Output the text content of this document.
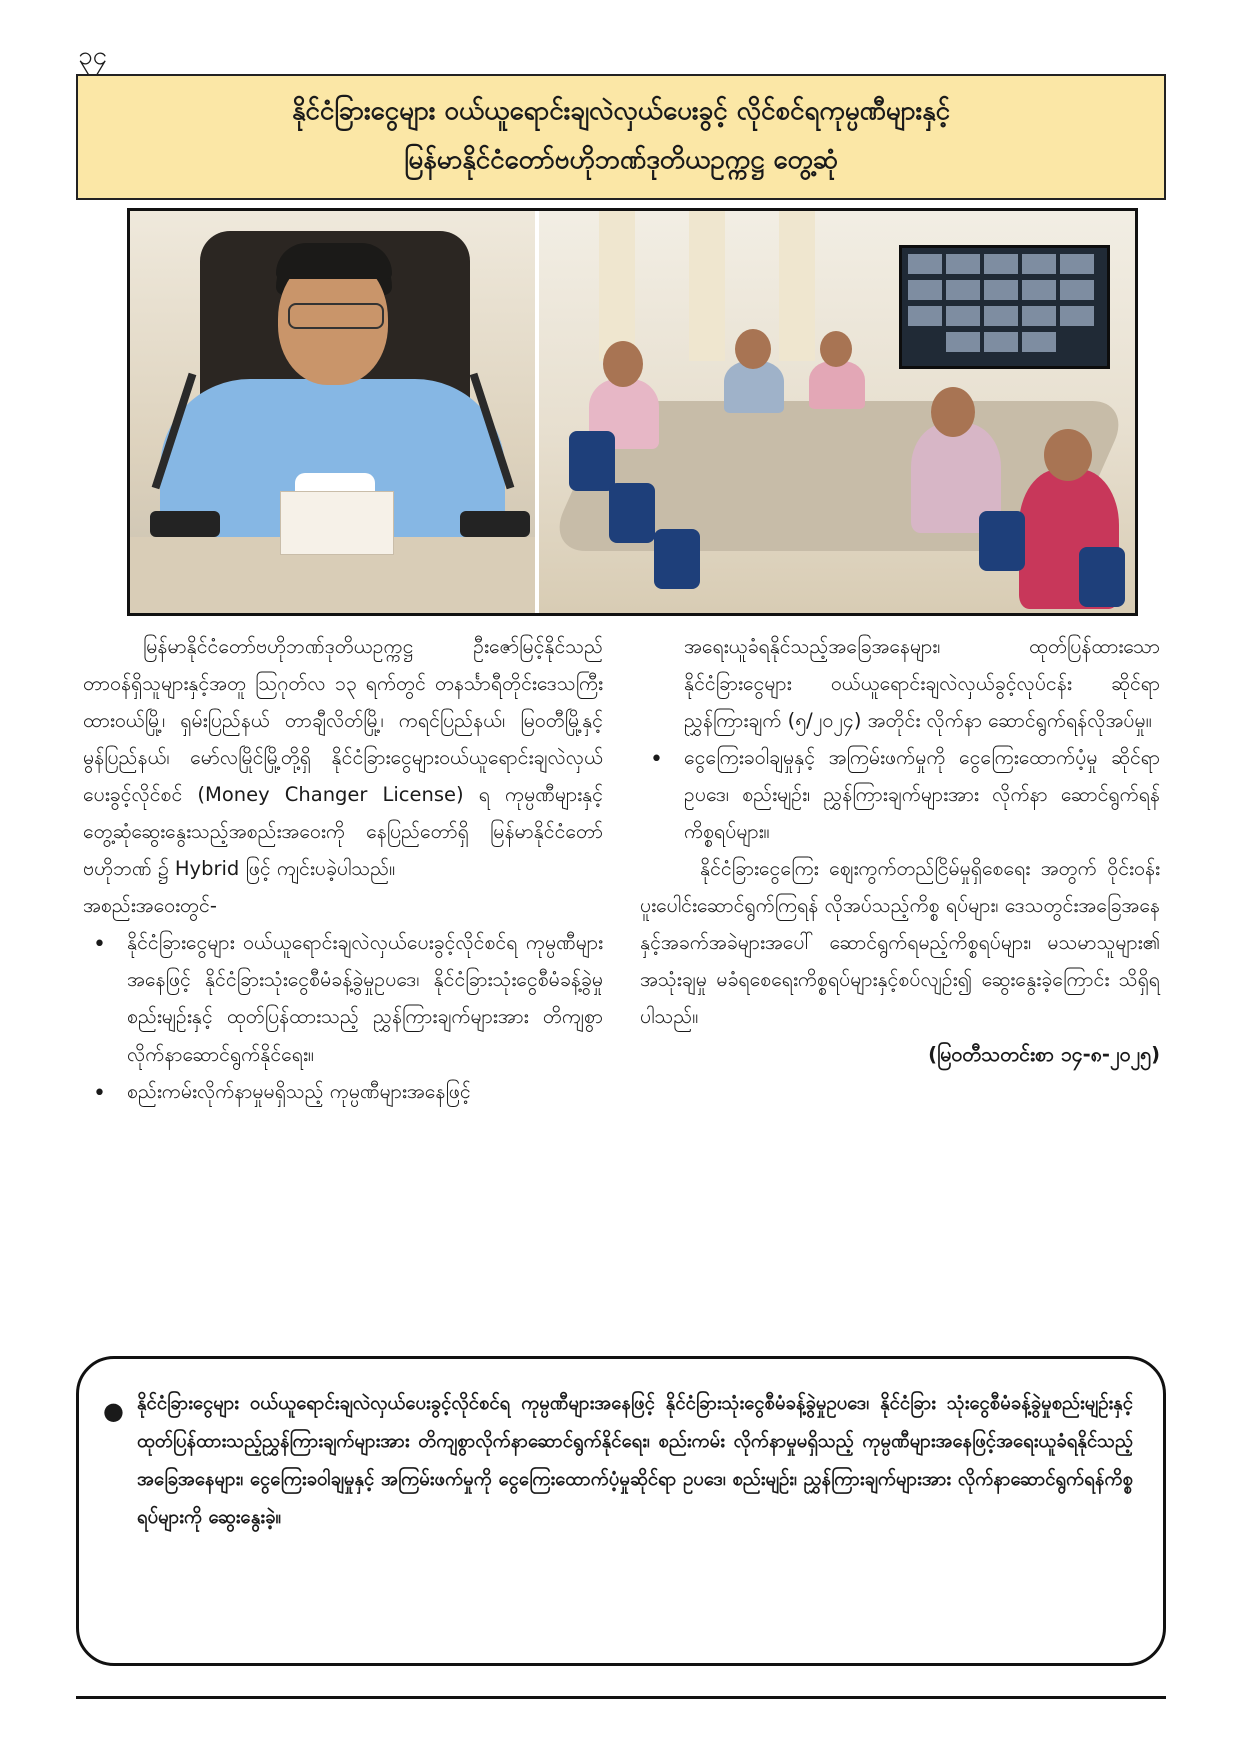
၃၄
နိုင်ငံခြားငွေများ ဝယ်ယူရောင်းချလဲလှယ်ပေးခွင့် လိုင်စင်ရကုမ္ပဏီများနှင့်
မြန်မာနိုင်ငံတော်ဗဟိုဘဏ်ဒုတိယဥက္ကဋ္ဌ တွေ့ဆုံ

မြန်မာနိုင်ငံတော်ဗဟိုဘဏ်ဒုတိယဥက္ကဋ္ဌ ဦးဇော်မြင့်နိုင်သည် တာဝန်ရှိသူများနှင့်အတူ ဩဂုတ်လ ၁၃ ရက်တွင် တနင်္သာရီတိုင်းဒေသကြီး ထားဝယ်မြို့၊ ရှမ်းပြည်နယ် တာချီလိတ်မြို့၊ ကရင်ပြည်နယ်၊ မြဝတီမြို့နှင့် မွန်ပြည်နယ်၊ မော်လမြိုင်မြို့တို့ရှိ နိုင်ငံခြားငွေများဝယ်ယူရောင်းချလဲလှယ် ပေးခွင့်လိုင်စင် (Money Changer License) ရ ကုမ္ပဏီများနှင့် တွေ့ဆုံဆွေးနွေးသည့်အစည်းအဝေးကို နေပြည်တော်ရှိ မြန်မာနိုင်ငံတော်ဗဟိုဘဏ် ၌ Hybrid ဖြင့် ကျင်းပခဲ့ပါသည်။

အစည်းအဝေးတွင်-

• နိုင်ငံခြားငွေများ ဝယ်ယူရောင်းချလဲလှယ်ပေးခွင့်လိုင်စင်ရ ကုမ္ပဏီများအနေဖြင့် နိုင်ငံခြားသုံးငွေစီမံခန့်ခွဲမှုဥပဒေ၊ နိုင်ငံခြားသုံးငွေစီမံခန့်ခွဲမှုစည်းမျဉ်းနှင့် ထုတ်ပြန်ထားသည့် ညွှန်ကြားချက်များအား တိကျစွာလိုက်နာဆောင်ရွက်နိုင်ရေး။

• စည်းကမ်းလိုက်နာမှုမရှိသည့် ကုမ္ပဏီများအနေဖြင့်

အရေးယူခံရနိုင်သည့်အခြေအနေများ၊ ထုတ်ပြန်ထားသော နိုင်ငံခြားငွေများ ဝယ်ယူရောင်းချလဲလှယ်ခွင့်လုပ်ငန်း ဆိုင်ရာညွှန်ကြားချက် (၅/၂၀၂၄) အတိုင်း လိုက်နာ ဆောင်ရွက်ရန်လိုအပ်မှု။

• ငွေကြေးခဝါချမှုနှင့် အကြမ်းဖက်မှုကို ငွေကြေးထောက်ပံ့မှု ဆိုင်ရာဥပဒေ၊ စည်းမျဉ်း၊ ညွှန်ကြားချက်များအား လိုက်နာ ဆောင်ရွက်ရန်ကိစ္စရပ်များ။

နိုင်ငံခြားငွေကြေး ဈေးကွက်တည်ငြိမ်မှုရှိစေရေး အတွက် ဝိုင်းဝန်းပူးပေါင်းဆောင်ရွက်ကြရန် လိုအပ်သည့်ကိစ္စ ရပ်များ၊ ဒေသတွင်းအခြေအနေနှင့်အခက်အခဲများအပေါ် ဆောင်ရွက်ရမည့်ကိစ္စရပ်များ၊ မသမာသူများ၏ အသုံးချမှု မခံရစေရေးကိစ္စရပ်များနှင့်စပ်လျဉ်း၍ ဆွေးနွေးခဲ့ကြောင်း သိရှိရပါသည်။

(မြဝတီသတင်းစာ ၁၄-၈-၂၀၂၅)

● နိုင်ငံခြားငွေများ ဝယ်ယူရောင်းချလဲလှယ်ပေးခွင့်လိုင်စင်ရ ကုမ္ပဏီများအနေဖြင့် နိုင်ငံခြားသုံးငွေစီမံခန့်ခွဲမှုဥပဒေ၊ နိုင်ငံခြား သုံးငွေစီမံခန့်ခွဲမှုစည်းမျဉ်းနှင့် ထုတ်ပြန်ထားသည့်ညွှန်ကြားချက်များအား တိကျစွာလိုက်နာဆောင်ရွက်နိုင်ရေး၊ စည်းကမ်း လိုက်နာမှုမရှိသည့် ကုမ္ပဏီများအနေဖြင့်အရေးယူခံရနိုင်သည့်အခြေအနေများ၊ ငွေကြေးခဝါချမှုနှင့် အကြမ်းဖက်မှုကို ငွေကြေးထောက်ပံ့မှုဆိုင်ရာ ဥပဒေ၊ စည်းမျဉ်း၊ ညွှန်ကြားချက်များအား လိုက်နာဆောင်ရွက်ရန်ကိစ္စရပ်များကို ဆွေးနွေးခဲ့။
